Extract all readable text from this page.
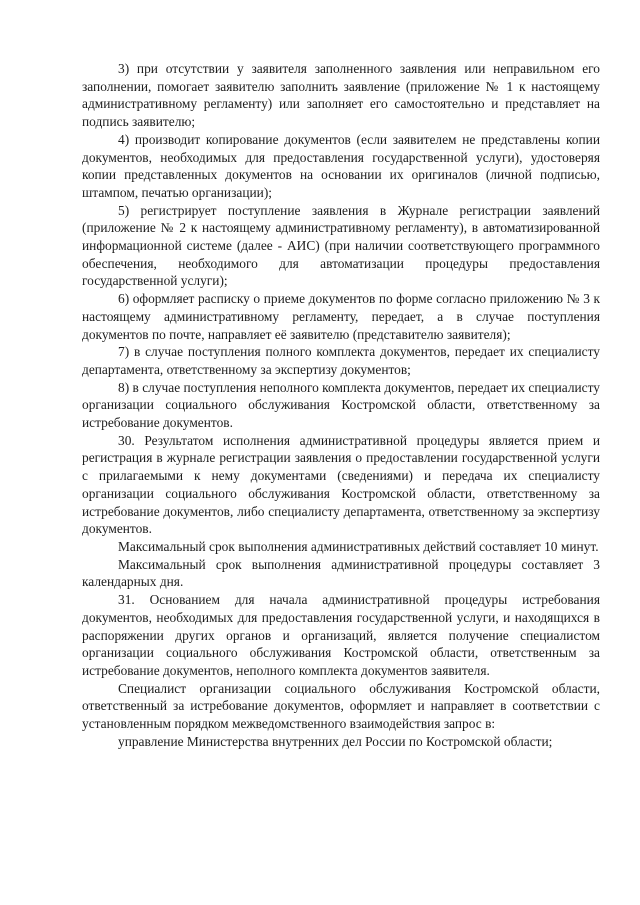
3) при отсутствии у заявителя заполненного заявления или неправильном его заполнении, помогает заявителю заполнить заявление (приложение № 1 к настоящему административному регламенту) или заполняет его самостоятельно и представляет на подпись заявителю;

4) производит копирование документов (если заявителем не представлены копии документов, необходимых для предоставления государственной услуги), удостоверяя копии представленных документов на основании их оригиналов (личной подписью, штампом, печатью организации);

5) регистрирует поступление заявления в Журнале регистрации заявлений (приложение № 2 к настоящему административному регламенту), в автоматизированной информационной системе (далее - АИС) (при наличии соответствующего программного обеспечения, необходимого для автоматизации процедуры предоставления государственной услуги);

6) оформляет расписку о приеме документов по форме согласно приложению № 3 к настоящему административному регламенту, передает, а в случае поступления документов по почте, направляет её заявителю (представителю заявителя);

7) в случае поступления полного комплекта документов, передает их специалисту департамента, ответственному за экспертизу документов;

8) в случае поступления неполного комплекта документов, передает их специалисту организации социального обслуживания Костромской области, ответственному за истребование документов.

30. Результатом исполнения административной процедуры является прием и регистрация в журнале регистрации заявления о предоставлении государственной услуги с прилагаемыми к нему документами (сведениями) и передача их специалисту организации социального обслуживания Костромской области, ответственному за истребование документов, либо специалисту департамента, ответственному за экспертизу документов.

Максимальный срок выполнения административных действий составляет 10 минут.

Максимальный срок выполнения административной процедуры составляет 3 календарных дня.

31. Основанием для начала административной процедуры истребования документов, необходимых для предоставления государственной услуги, и находящихся в распоряжении других органов и организаций, является получение специалистом организации социального обслуживания Костромской области, ответственным за истребование документов, неполного комплекта документов заявителя.

Специалист организации социального обслуживания Костромской области, ответственный за истребование документов, оформляет и направляет в соответствии с установленным порядком межведомственного взаимодействия запрос в:

управление Министерства внутренних дел России по Костромской области;
